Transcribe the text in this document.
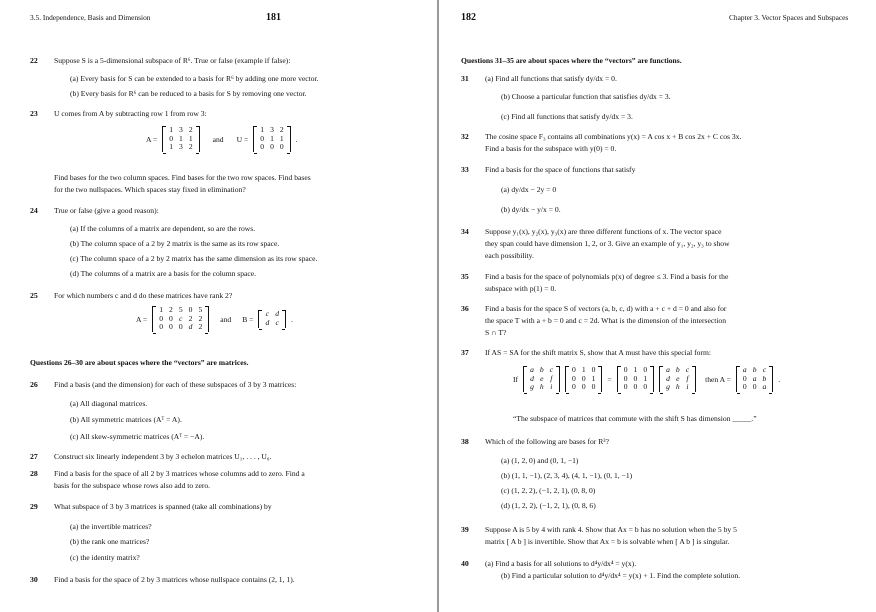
3.5. Independence, Basis and Dimension	181
22 Suppose S is a 5-dimensional subspace of R⁶. True or false (example if false):
(a) Every basis for S can be extended to a basis for R⁶ by adding one more vector.
(b) Every basis for R⁶ can be reduced to a basis for S by removing one vector.
23 U comes from A by subtracting row 1 from row 3:
A =
1	3	2
0	1	1
1	3	2
and U =
1	3	2
0	1	1
0	0	0
.
Find bases for the two column spaces. Find bases for the two row spaces. Find bases
for the two nullspaces. Which spaces stay fixed in elimination?
24 True or false (give a good reason):
(a) If the columns of a matrix are dependent, so are the rows.
(b) The column space of a 2 by 2 matrix is the same as its row space.
(c) The column space of a 2 by 2 matrix has the same dimension as its row space.
(d) The columns of a matrix are a basis for the column space.
25 For which numbers c and d do these matrices have rank 2?
A =
1	2	5	0	5
0	0	c	2	2
0	0	0	d	2
and B =
c	d
d	c .
Questions 26–30 are about spaces where the “vectors” are matrices.
26 Find a basis (and the dimension) for each of these subspaces of 3 by 3 matrices:
(a) All diagonal matrices.
(b) All symmetric matrices (Aᵀ = A).
(c) All skew-symmetric matrices (Aᵀ = −A).
27 Construct six linearly independent 3 by 3 echelon matrices U₁, . . . , U₆.
28 Find a basis for the space of all 2 by 3 matrices whose columns add to zero. Find a
basis for the subspace whose rows also add to zero.
29 What subspace of 3 by 3 matrices is spanned (take all combinations) by
(a) the invertible matrices?
(b) the rank one matrices?
(c) the identity matrix?
30 Find a basis for the space of 2 by 3 matrices whose nullspace contains (2, 1, 1).
182	Chapter 3. Vector Spaces and Subspaces
Questions 31–35 are about spaces where the “vectors” are functions.
31 (a) Find all functions that satisfy dy/dx = 0.
(b) Choose a particular function that satisfies dy/dx = 3.
(c) Find all functions that satisfy dy/dx = 3.
32 The cosine space F₃ contains all combinations y(x) = A cos x + B cos 2x + C cos 3x.
Find a basis for the subspace with y(0) = 0.
33 Find a basis for the space of functions that satisfy
(a) dy/dx − 2y = 0
(b) dy/dx − y/x = 0.
34 Suppose y₁(x), y₂(x), y₃(x) are three different functions of x. The vector space
they span could have dimension 1, 2, or 3. Give an example of y₁, y₂, y₃ to show
each possibility.
35 Find a basis for the space of polynomials p(x) of degree ≤ 3. Find a basis for the
subspace with p(1) = 0.
36 Find a basis for the space S of vectors (a, b, c, d) with a + c + d = 0 and also for
the space T with a + b = 0 and c = 2d. What is the dimension of the intersection
S ∩ T?
37 If AS = SA for the shift matrix S, show that A must have this special form:
If
a	b	c
d	e	f
g	h	i
0	1	0
0	0	1
0	0	0
=
0	1	0
0	0	1
0	0	0
a	b	c
d	e	f
g	h	i
then A =
a	b	c
0	a	b
0	0	a
.
“The subspace of matrices that commute with the shift S has dimension _____.”
38 Which of the following are bases for R³?
(a) (1, 2, 0) and (0, 1, −1)
(b) (1, 1, −1), (2, 3, 4), (4, 1, −1), (0, 1, −1)
(c) (1, 2, 2), (−1, 2, 1), (0, 8, 0)
(d) (1, 2, 2), (−1, 2, 1), (0, 8, 6)
39 Suppose A is 5 by 4 with rank 4. Show that Ax = b has no solution when the 5 by 5
matrix [ A b ] is invertible. Show that Ax = b is solvable when [ A b ] is singular.
40 (a) Find a basis for all solutions to d⁴y/dx⁴ = y(x).
(b) Find a particular solution to d⁴y/dx⁴ = y(x) + 1. Find the complete solution.
